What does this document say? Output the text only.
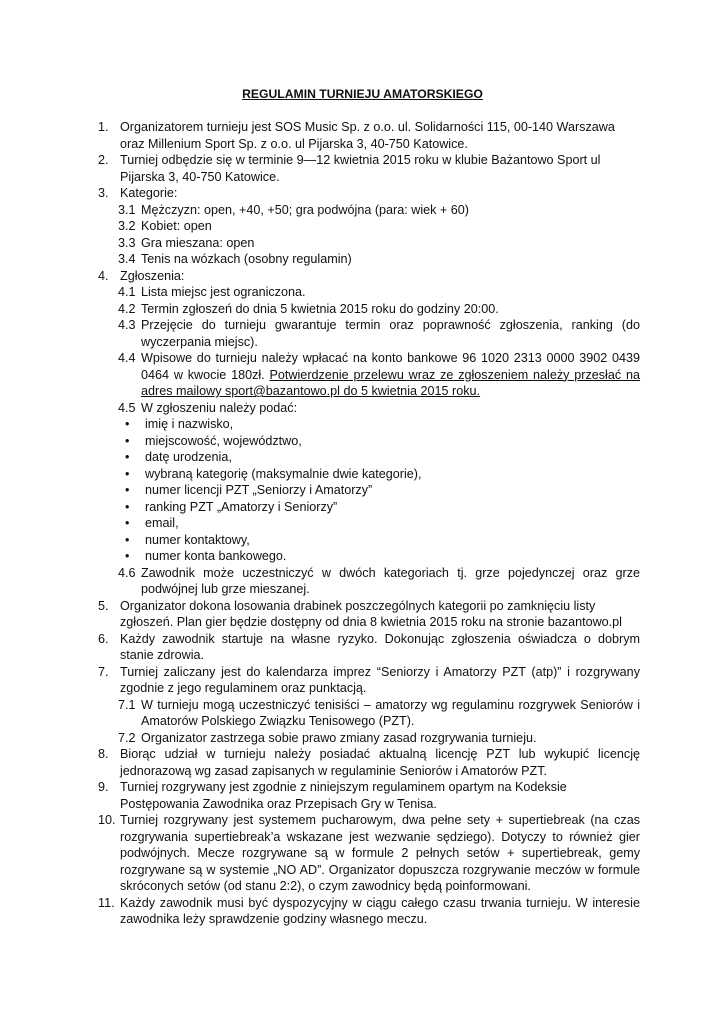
REGULAMIN TURNIEJU AMATORSKIEGO
1. Organizatorem turnieju jest SOS Music Sp. z o.o. ul. Solidarności 115, 00-140 Warszawa oraz Millenium Sport Sp. z o.o. ul Pijarska 3, 40-750 Katowice.
2. Turniej odbędzie się w terminie 9—12 kwietnia 2015 roku w klubie Bażantowo Sport ul Pijarska 3, 40-750 Katowice.
3. Kategorie:
3.1 Mężczyzn: open, +40, +50; gra podwójna (para: wiek + 60)
3.2 Kobiet: open
3.3 Gra mieszana: open
3.4 Tenis na wózkach (osobny regulamin)
4. Zgłoszenia:
4.1 Lista miejsc jest ograniczona.
4.2 Termin zgłoszeń do dnia 5 kwietnia 2015 roku do godziny 20:00.
4.3 Przejęcie do turnieju gwarantuje termin oraz poprawność zgłoszenia, ranking (do wyczerpania miejsc).
4.4 Wpisowe do turnieju należy wpłacać na konto bankowe 96 1020 2313 0000 3902 0439 0464 w kwocie 180zł. Potwierdzenie przelewu wraz ze zgłoszeniem należy przesłać na adres mailowy sport@bazantowo.pl do 5 kwietnia 2015 roku.
4.5 W zgłoszeniu należy podać:
• imię i nazwisko,
• miejscowość, województwo,
• datę urodzenia,
• wybraną kategorię (maksymalnie dwie kategorie),
• numer licencji PZT „Seniorzy i Amatorzy”
• ranking PZT „Amatorzy i Seniorzy”
• email,
• numer kontaktowy,
• numer konta bankowego.
4.6 Zawodnik może uczestniczyć w dwóch kategoriach tj. grze pojedynczej oraz grze podwójnej lub grze mieszanej.
5. Organizator dokona losowania drabinek poszczególnych kategorii po zamknięciu listy zgłoszeń. Plan gier będzie dostępny od dnia 8 kwietnia 2015 roku na stronie bazantowo.pl
6. Każdy zawodnik startuje na własne ryzyko. Dokonując zgłoszenia oświadcza o dobrym stanie zdrowia.
7. Turniej zaliczany jest do kalendarza imprez “Seniorzy i Amatorzy PZT (atp)” i rozgrywany zgodnie z jego regulaminem oraz punktacją.
7.1 W turnieju mogą uczestniczyć tenisiści – amatorzy wg regulaminu rozgrywek Seniorów i Amatorów Polskiego Związku Tenisowego (PZT).
7.2 Organizator zastrzega sobie prawo zmiany zasad rozgrywania turnieju.
8. Biorąc udział w turnieju należy posiadać aktualną licencję PZT lub wykupić licencję jednorazową wg zasad zapisanych w regulaminie Seniorów i Amatorów PZT.
9. Turniej rozgrywany jest zgodnie z niniejszym regulaminem opartym na Kodeksie Postępowania Zawodnika oraz Przepisach Gry w Tenisa.
10. Turniej rozgrywany jest systemem pucharowym, dwa pełne sety + supertiebreak (na czas rozgrywania supertiebreak’a wskazane jest wezwanie sędziego). Dotyczy to również gier podwójnych. Mecze rozgrywane są w formule 2 pełnych setów + supertiebreak, gemy rozgrywane są w systemie „NO AD”. Organizator dopuszcza rozgrywanie meczów w formule skróconych setów (od stanu 2:2), o czym zawodnicy będą poinformowani.
11. Każdy zawodnik musi być dyspozycyjny w ciągu całego czasu trwania turnieju. W interesie zawodnika leży sprawdzenie godziny własnego meczu.
